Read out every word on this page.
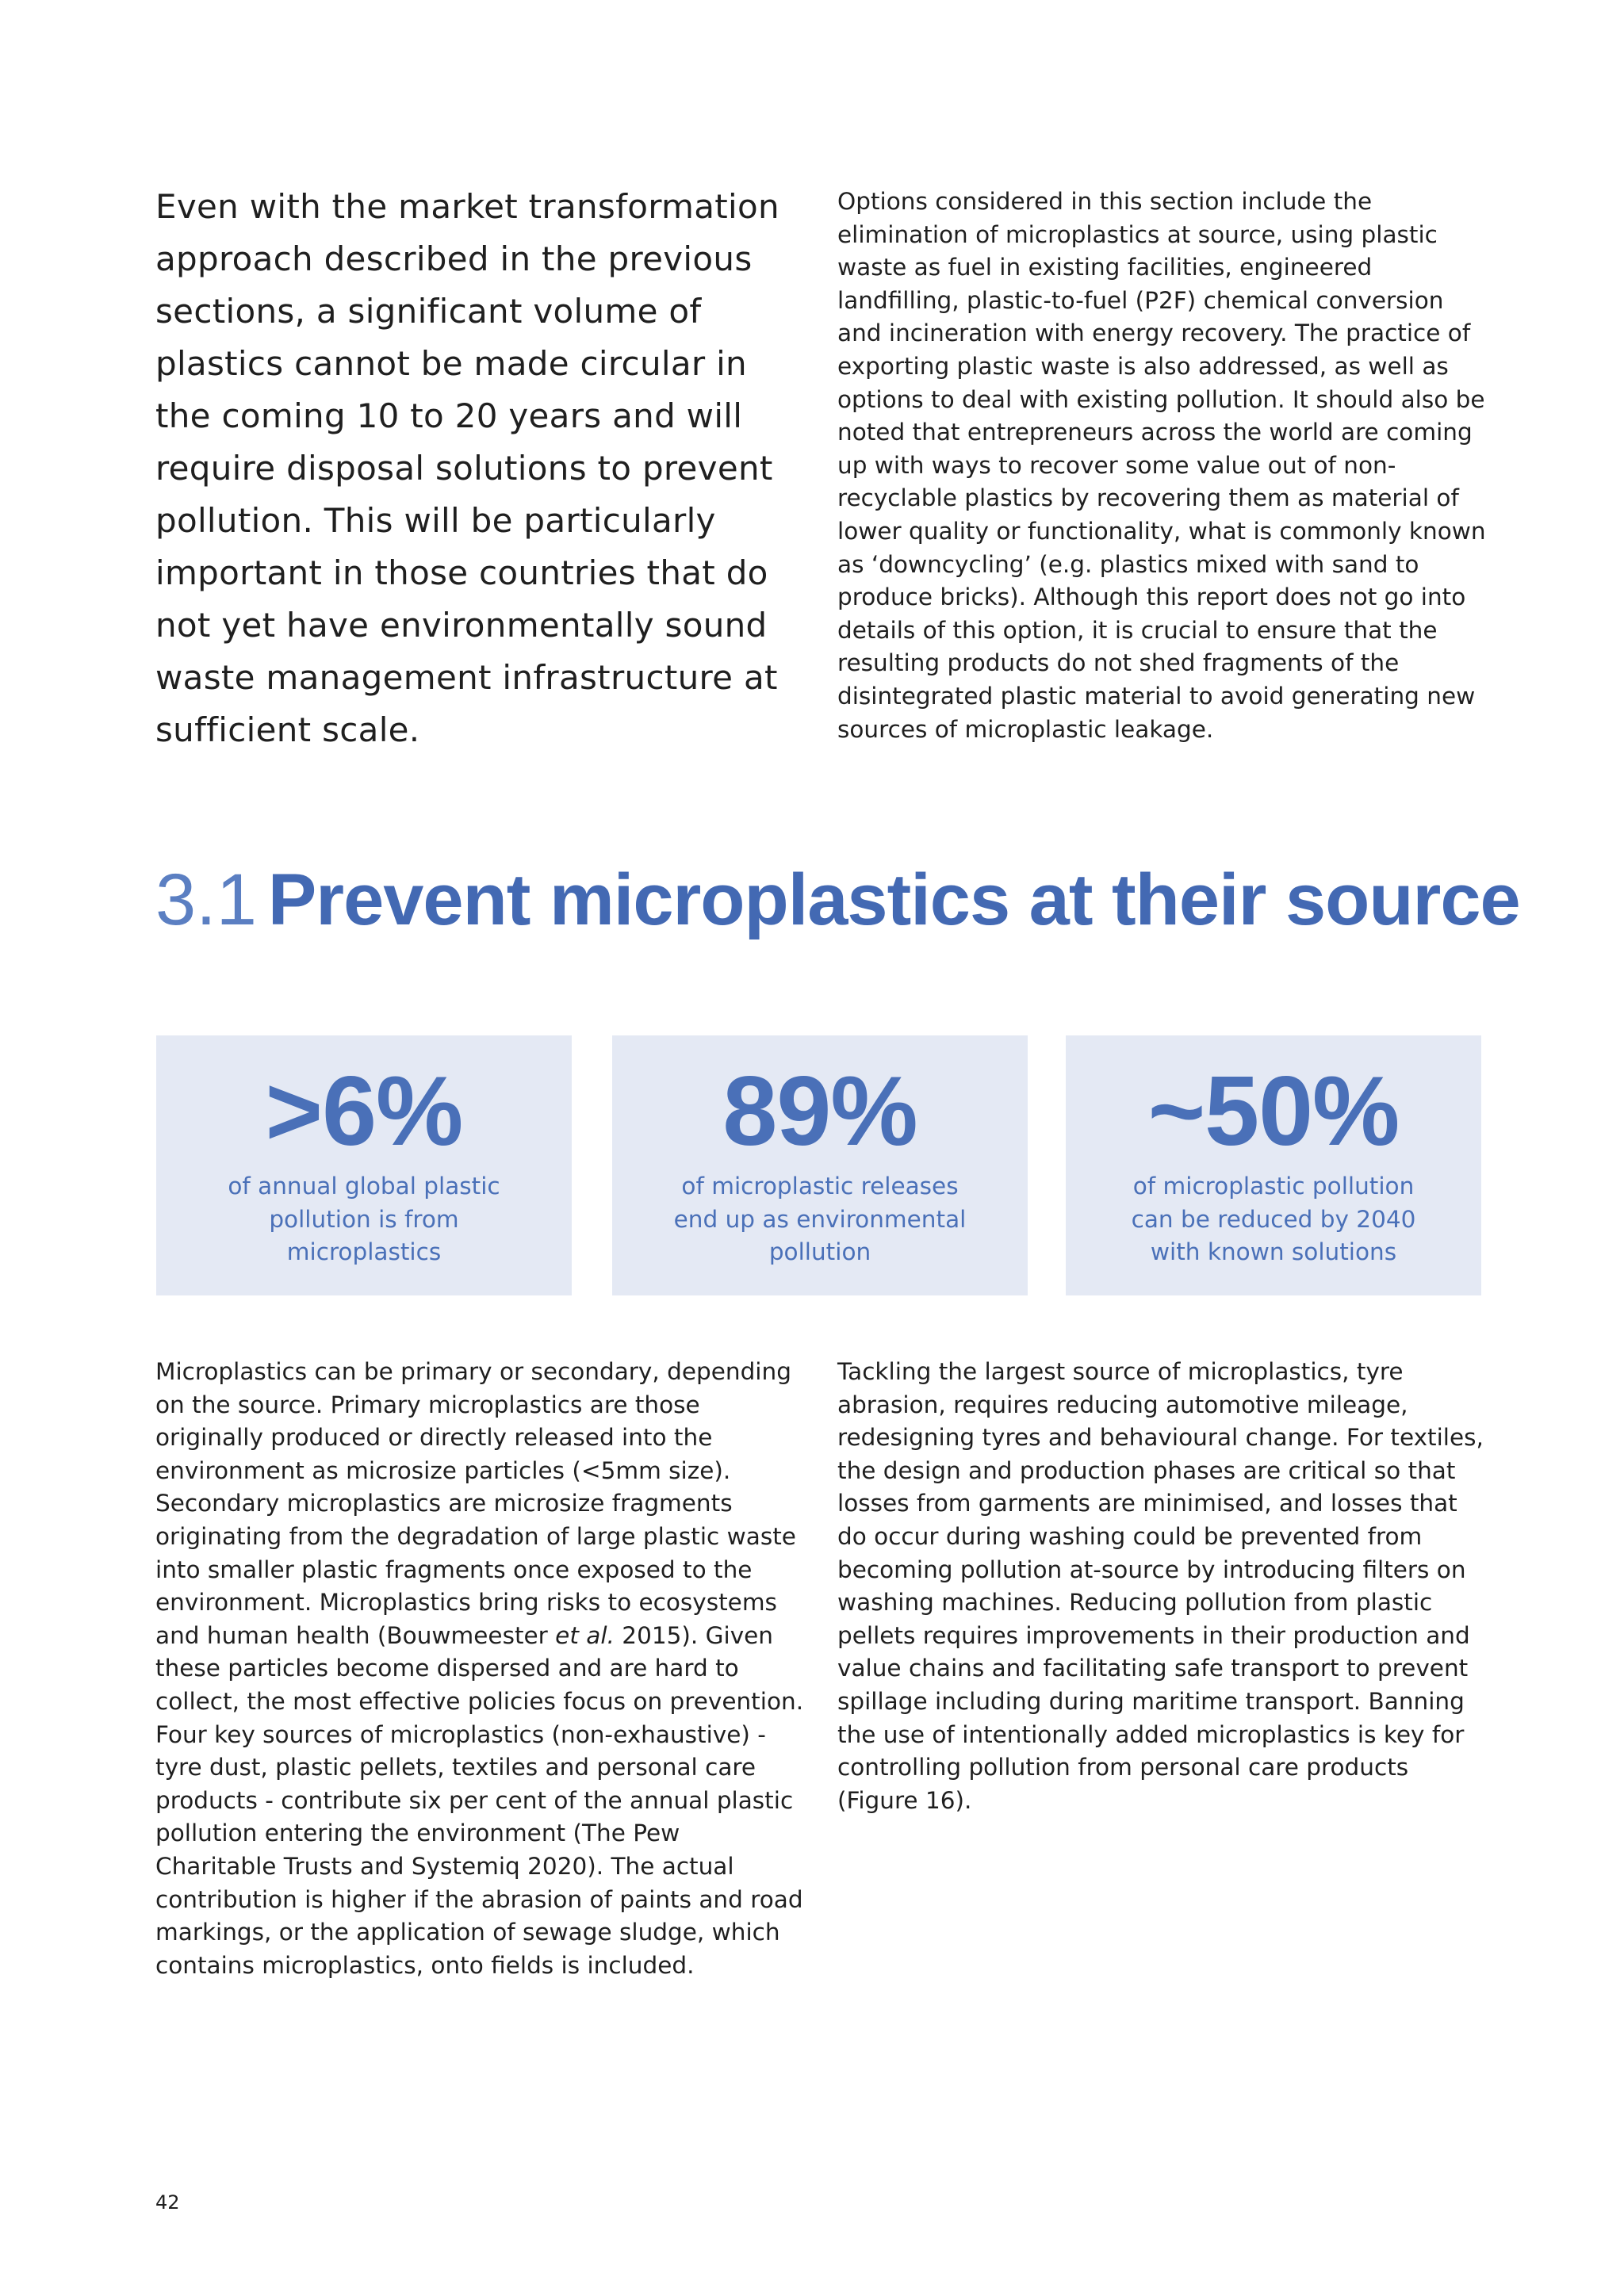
Even with the market transformation approach described in the previous sections, a significant volume of plastics cannot be made circular in the coming 10 to 20 years and will require disposal solutions to prevent pollution. This will be particularly important in those countries that do not yet have environmentally sound waste management infrastructure at sufficient scale.

Options considered in this section include the elimination of microplastics at source, using plastic waste as fuel in existing facilities, engineered landfilling, plastic-to-fuel (P2F) chemical conversion and incineration with energy recovery. The practice of exporting plastic waste is also addressed, as well as options to deal with existing pollution. It should also be noted that entrepreneurs across the world are coming up with ways to recover some value out of non-recyclable plastics by recovering them as material of lower quality or functionality, what is commonly known as ‘downcycling’ (e.g. plastics mixed with sand to produce bricks). Although this report does not go into details of this option, it is crucial to ensure that the resulting products do not shed fragments of the disintegrated plastic material to avoid generating new sources of microplastic leakage.

3.1 Prevent microplastics at their source
>6%
of annual global plastic pollution is from microplastics
89%
of microplastic releases end up as environmental pollution
~50%
of microplastic pollution can be reduced by 2040 with known solutions

Microplastics can be primary or secondary, depending on the source. Primary microplastics are those originally produced or directly released into the environment as microsize particles (<5mm size). Secondary microplastics are microsize fragments originating from the degradation of large plastic waste into smaller plastic fragments once exposed to the environment. Microplastics bring risks to ecosystems and human health (Bouwmeester et al. 2015). Given these particles become dispersed and are hard to collect, the most effective policies focus on prevention. Four key sources of microplastics (non-exhaustive) - tyre dust, plastic pellets, textiles and personal care products - contribute six per cent of the annual plastic pollution entering the environment (The Pew Charitable Trusts and Systemiq 2020). The actual contribution is higher if the abrasion of paints and road markings, or the application of sewage sludge, which contains microplastics, onto fields is included.

Tackling the largest source of microplastics, tyre abrasion, requires reducing automotive mileage, redesigning tyres and behavioural change. For textiles, the design and production phases are critical so that losses from garments are minimised, and losses that do occur during washing could be prevented from becoming pollution at-source by introducing filters on washing machines. Reducing pollution from plastic pellets requires improvements in their production and value chains and facilitating safe transport to prevent spillage including during maritime transport. Banning the use of intentionally added microplastics is key for controlling pollution from personal care products (Figure 16).

42
